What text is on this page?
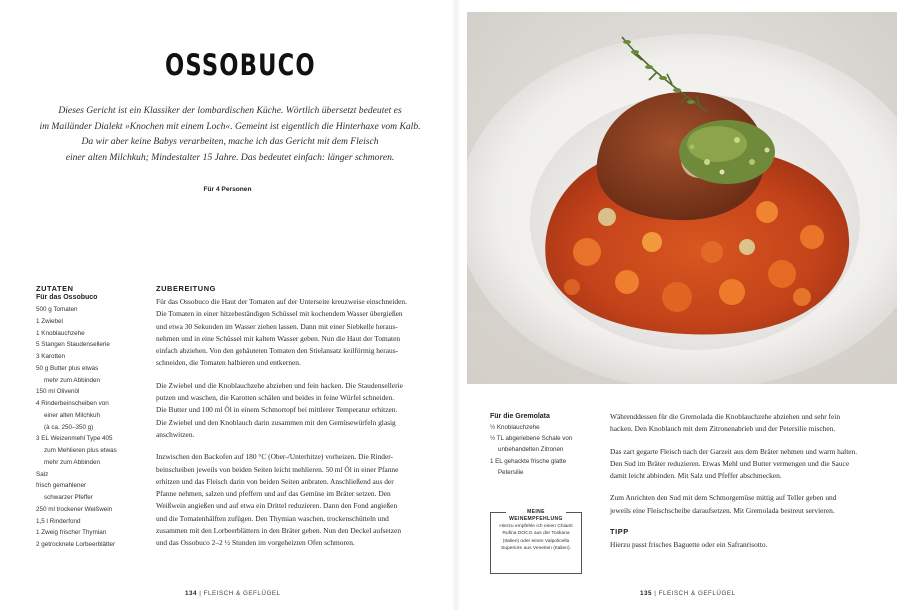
OSSOBUCO
Dieses Gericht ist ein Klassiker der lombardischen Küche. Wörtlich übersetzt bedeutet es
im Mailänder Dialekt »Knochen mit einem Loch«. Gemeint ist eigentlich die Hinterhaxe vom Kalb.
Da wir aber keine Babys verarbeiten, mache ich das Gericht mit dem Fleisch
einer alten Milchkuh; Mindestalter 15 Jahre. Das bedeutet einfach: länger schmoren.
Für 4 Personen
ZUTATEN
Für das Ossobuco
500 g Tomaten
1 Zwiebel
1 Knoblauchzehe
5 Stangen Staudensellerie
3 Karotten
50 g Butter plus etwas
mehr zum Abbinden
150 ml Olivenöl
4 Rinderbeinscheiben von
einer alten Milchkuh
(à ca. 250–350 g)
3 EL Weizenmehl Type 405
zum Mehlieren plus etwas
mehr zum Abbinden
Salz
frisch gemahlener
schwarzer Pfeffer
250 ml trockener Weißwein
1,5 l Rinderfond
1 Zweig frischer Thymian
2 getrocknete Lorbeerblätter
ZUBEREITUNG

Für das Ossobuco die Haut der Tomaten auf der Unterseite kreuzweise einschneiden.
Die Tomaten in einer hitzebeständigen Schüssel mit kochendem Wasser übergießen
und etwa 30 Sekunden im Wasser ziehen lassen. Dann mit einer Siebkelle heraus-
nehmen und in eine Schüssel mit kaltem Wasser geben. Nun die Haut der Tomaten
einfach abziehen. Von den gehäuteten Tomaten den Stielansatz keilförmig heraus-
schneiden, die Tomaten halbieren und entkernen.

Die Zwiebel und die Knoblauchzehe abziehen und fein hacken. Die Staudensellerie
putzen und waschen, die Karotten schälen und beides in feine Würfel schneiden.
Die Butter und 100 ml Öl in einem Schmortopf bei mittlerer Temperatur erhitzen.
Die Zwiebel und den Knoblauch darin zusammen mit den Gemüsewürfeln glasig
anschwitzen.

Inzwischen den Backofen auf 180 °C (Ober-/Unterhitze) vorheizen. Die Rinder-
beinscheiben jeweils von beiden Seiten leicht mehlieren. 50 ml Öl in einer Pfanne
erhitzen und das Fleisch darin von beiden Seiten anbraten. Anschließend aus der
Pfanne nehmen, salzen und pfeffern und auf das Gemüse im Bräter setzen. Den
Weißwein angießen und auf etwa ein Drittel reduzieren. Dann den Fond angießen
und die Tomatenhälften zufügen. Den Thymian waschen, trockenschütteln und
zusammen mit den Lorbeerblättern in den Bräter geben. Nun den Deckel aufsetzen
und das Ossobuco 2–2 ½ Stunden im vorgeheizten Ofen schmoren.

134 | FLEISCH & GEFLÜGEL
Für die Gremolata
½ Knoblauchzehe
½ TL abgeriebene Schale von
unbehandelten Zitronen
1 EL gehackte frische glatte
Petersilie
MEINE
WEINEMPFEHLUNG
Hierzu empfehle ich einen Chianti
Rufina DOCG aus der Toskana
(Italien) oder einen Valpolicella
Superiore aus Venetien (Italien).

Währenddessen für die Gremolada die Knoblauchzehe abziehen und sehr fein
hacken. Den Knoblauch mit dem Zitronenabrieb und der Petersilie mischen.

Das zart gegarte Fleisch nach der Garzeit aus dem Bräter nehmen und warm halten.
Den Sud im Bräter reduzieren. Etwas Mehl und Butter vermengen und die Sauce
damit leicht abbinden. Mit Salz und Pfeffer abschmecken.

Zum Anrichten den Sud mit dem Schmorgemüse mittig auf Teller geben und
jeweils eine Fleischscheibe daraufsetzen. Mit Gremolada bestreut servieren.

TIPP

Hierzu passt frisches Baguette oder ein Safranrisotto.

135 | FLEISCH & GEFLÜGEL
